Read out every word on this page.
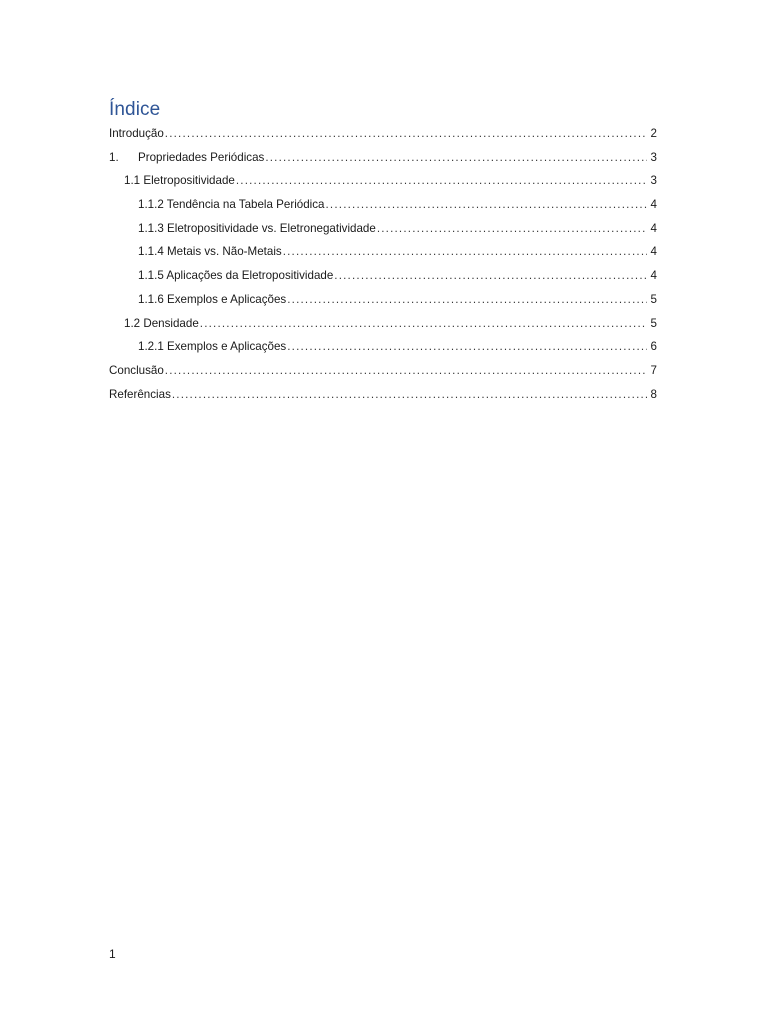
Índice
Introdução .....	2
1. Propriedades Periódicas .....	3
1.1 Eletropositividade .....	3
1.1.2 Tendência na Tabela Periódica .....	4
1.1.3 Eletropositividade vs. Eletronegatividade .....	4
1.1.4 Metais vs. Não-Metais .....	4
1.1.5 Aplicações da Eletropositividade .....	4
1.1.6 Exemplos e Aplicações .....	5
1.2 Densidade .....	5
1.2.1 Exemplos e Aplicações .....	6
Conclusão .....	7
Referências .....	8
1
